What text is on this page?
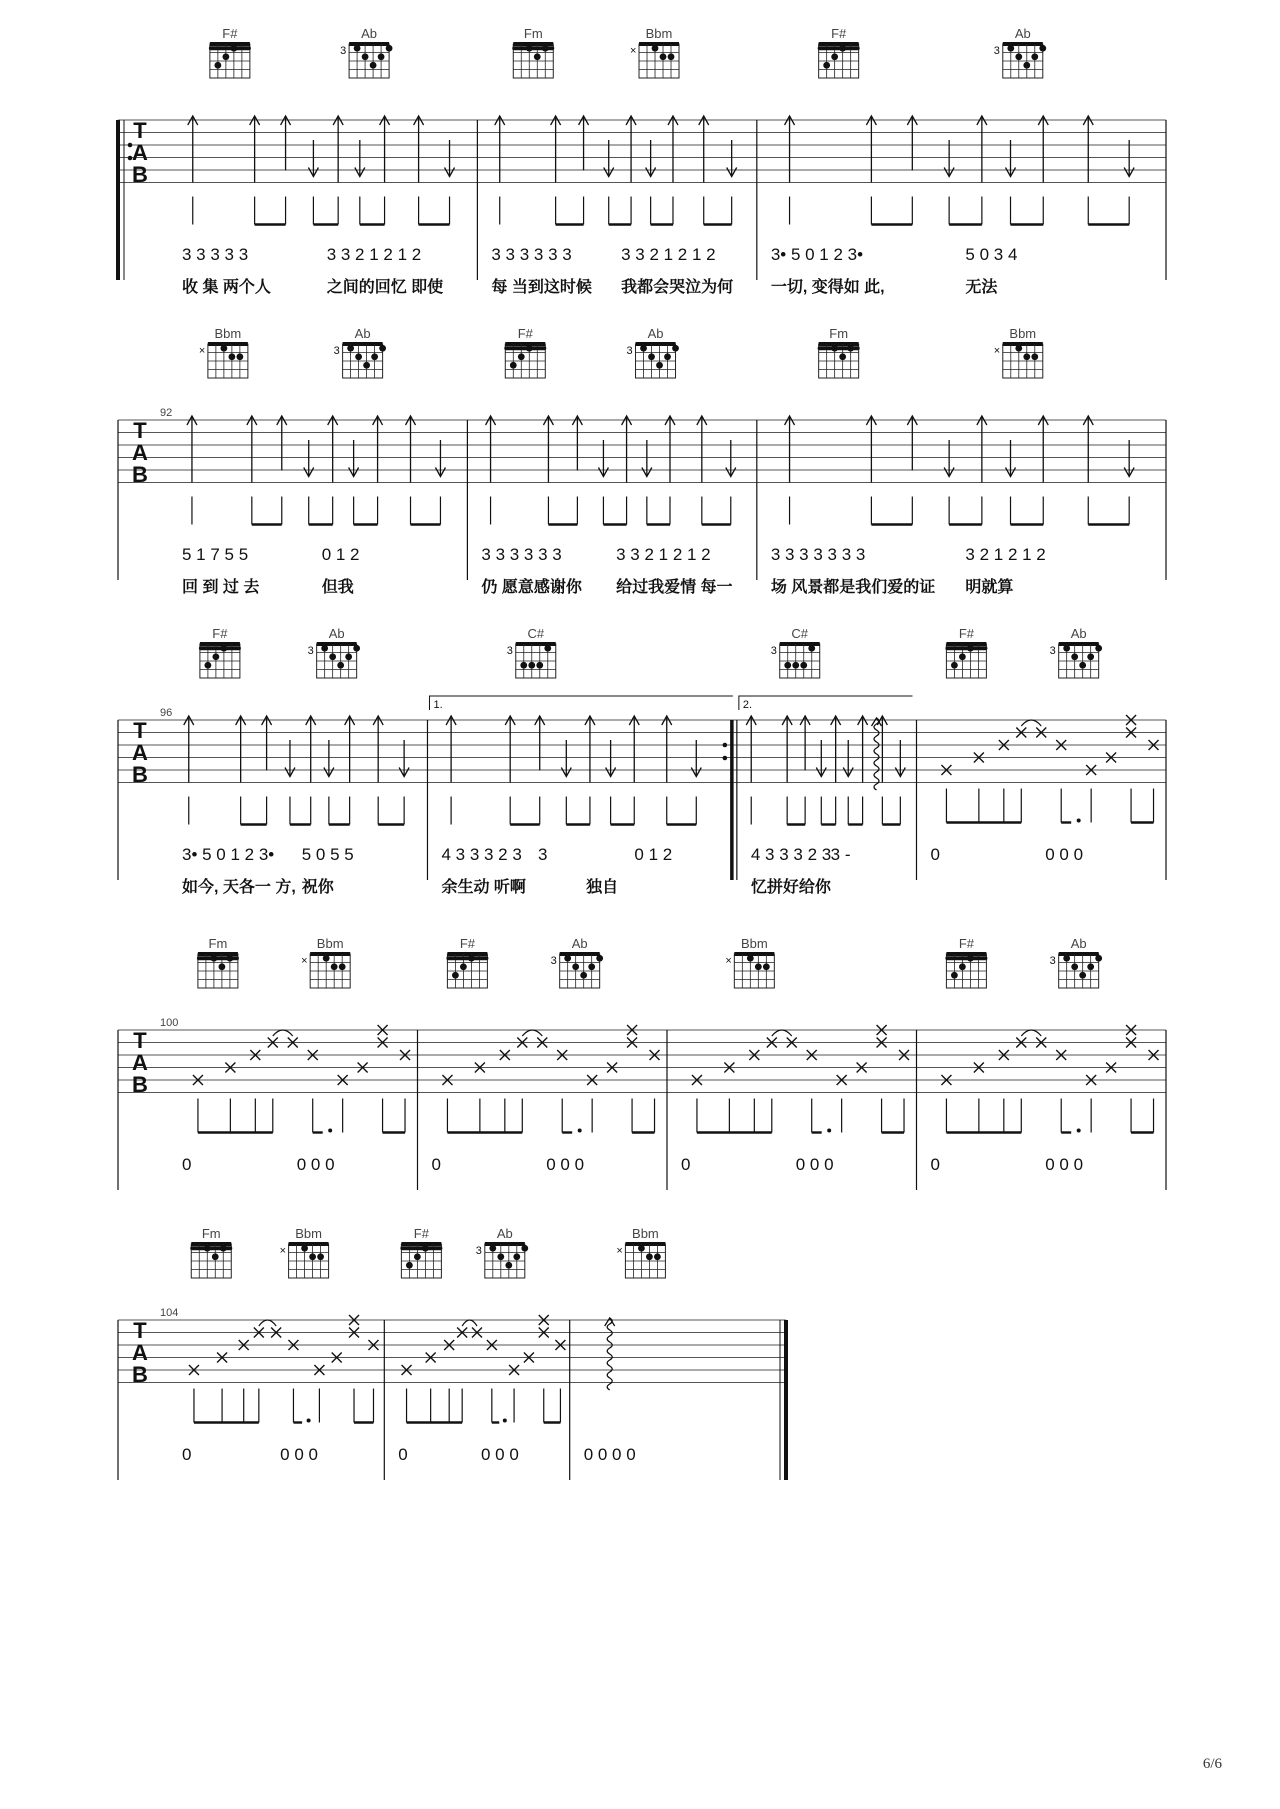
T
A
B
F#	Ab
3
3 3 3 3 3	3 3 2 1 2 1 2
收 集 两个人	之间的回忆 即使
Fm	Bbm
×
3 3 3 3 3 3	3 3 2 1 2 1 2
每 当到这时候 我都会哭泣为何
F#	Ab
3
3• 5 0 1 2 3•	5 0 3 4
一切, 变得如 此,	无法
T
A
B
92
Bbm
×
Ab
3
5 1 7 5 5	0 1 2
回 到 过 去	但我
F#	Ab
3
3 3 3 3 3 3	3 3 2 1 2 1 2
仍 愿意感谢你 给过我爱情 每一
Fm	Bbm
×
3 3 3 3 3 3 3	3 2 1 2 1 2
场 风景都是我们爱的证 明就算
T
A
B
96
F#	Ab
3
3• 5 0 1 2 3• 5 0 5 5
如今, 天各一 方, 祝你
C#
3
4 3 3 3 2 3 3	0 1 2
余生动 听啊	独自
1.
C#
3
4 3 3 3 2 3 3 -
忆拼好给你
2.
F#	Ab
3
0	0 0 0
T
A
B
100
Fm	Bbm
×
0	0 0 0
F#	Ab
3
0	0 0 0
Bbm
×
0	0 0 0
F#	Ab
3
0	0 0 0
T
A
B
104
Fm	Bbm
×
0	0 0 0
F#	Ab
3
0	0 0 0
Bbm
×
0 0 0 0
6/6
